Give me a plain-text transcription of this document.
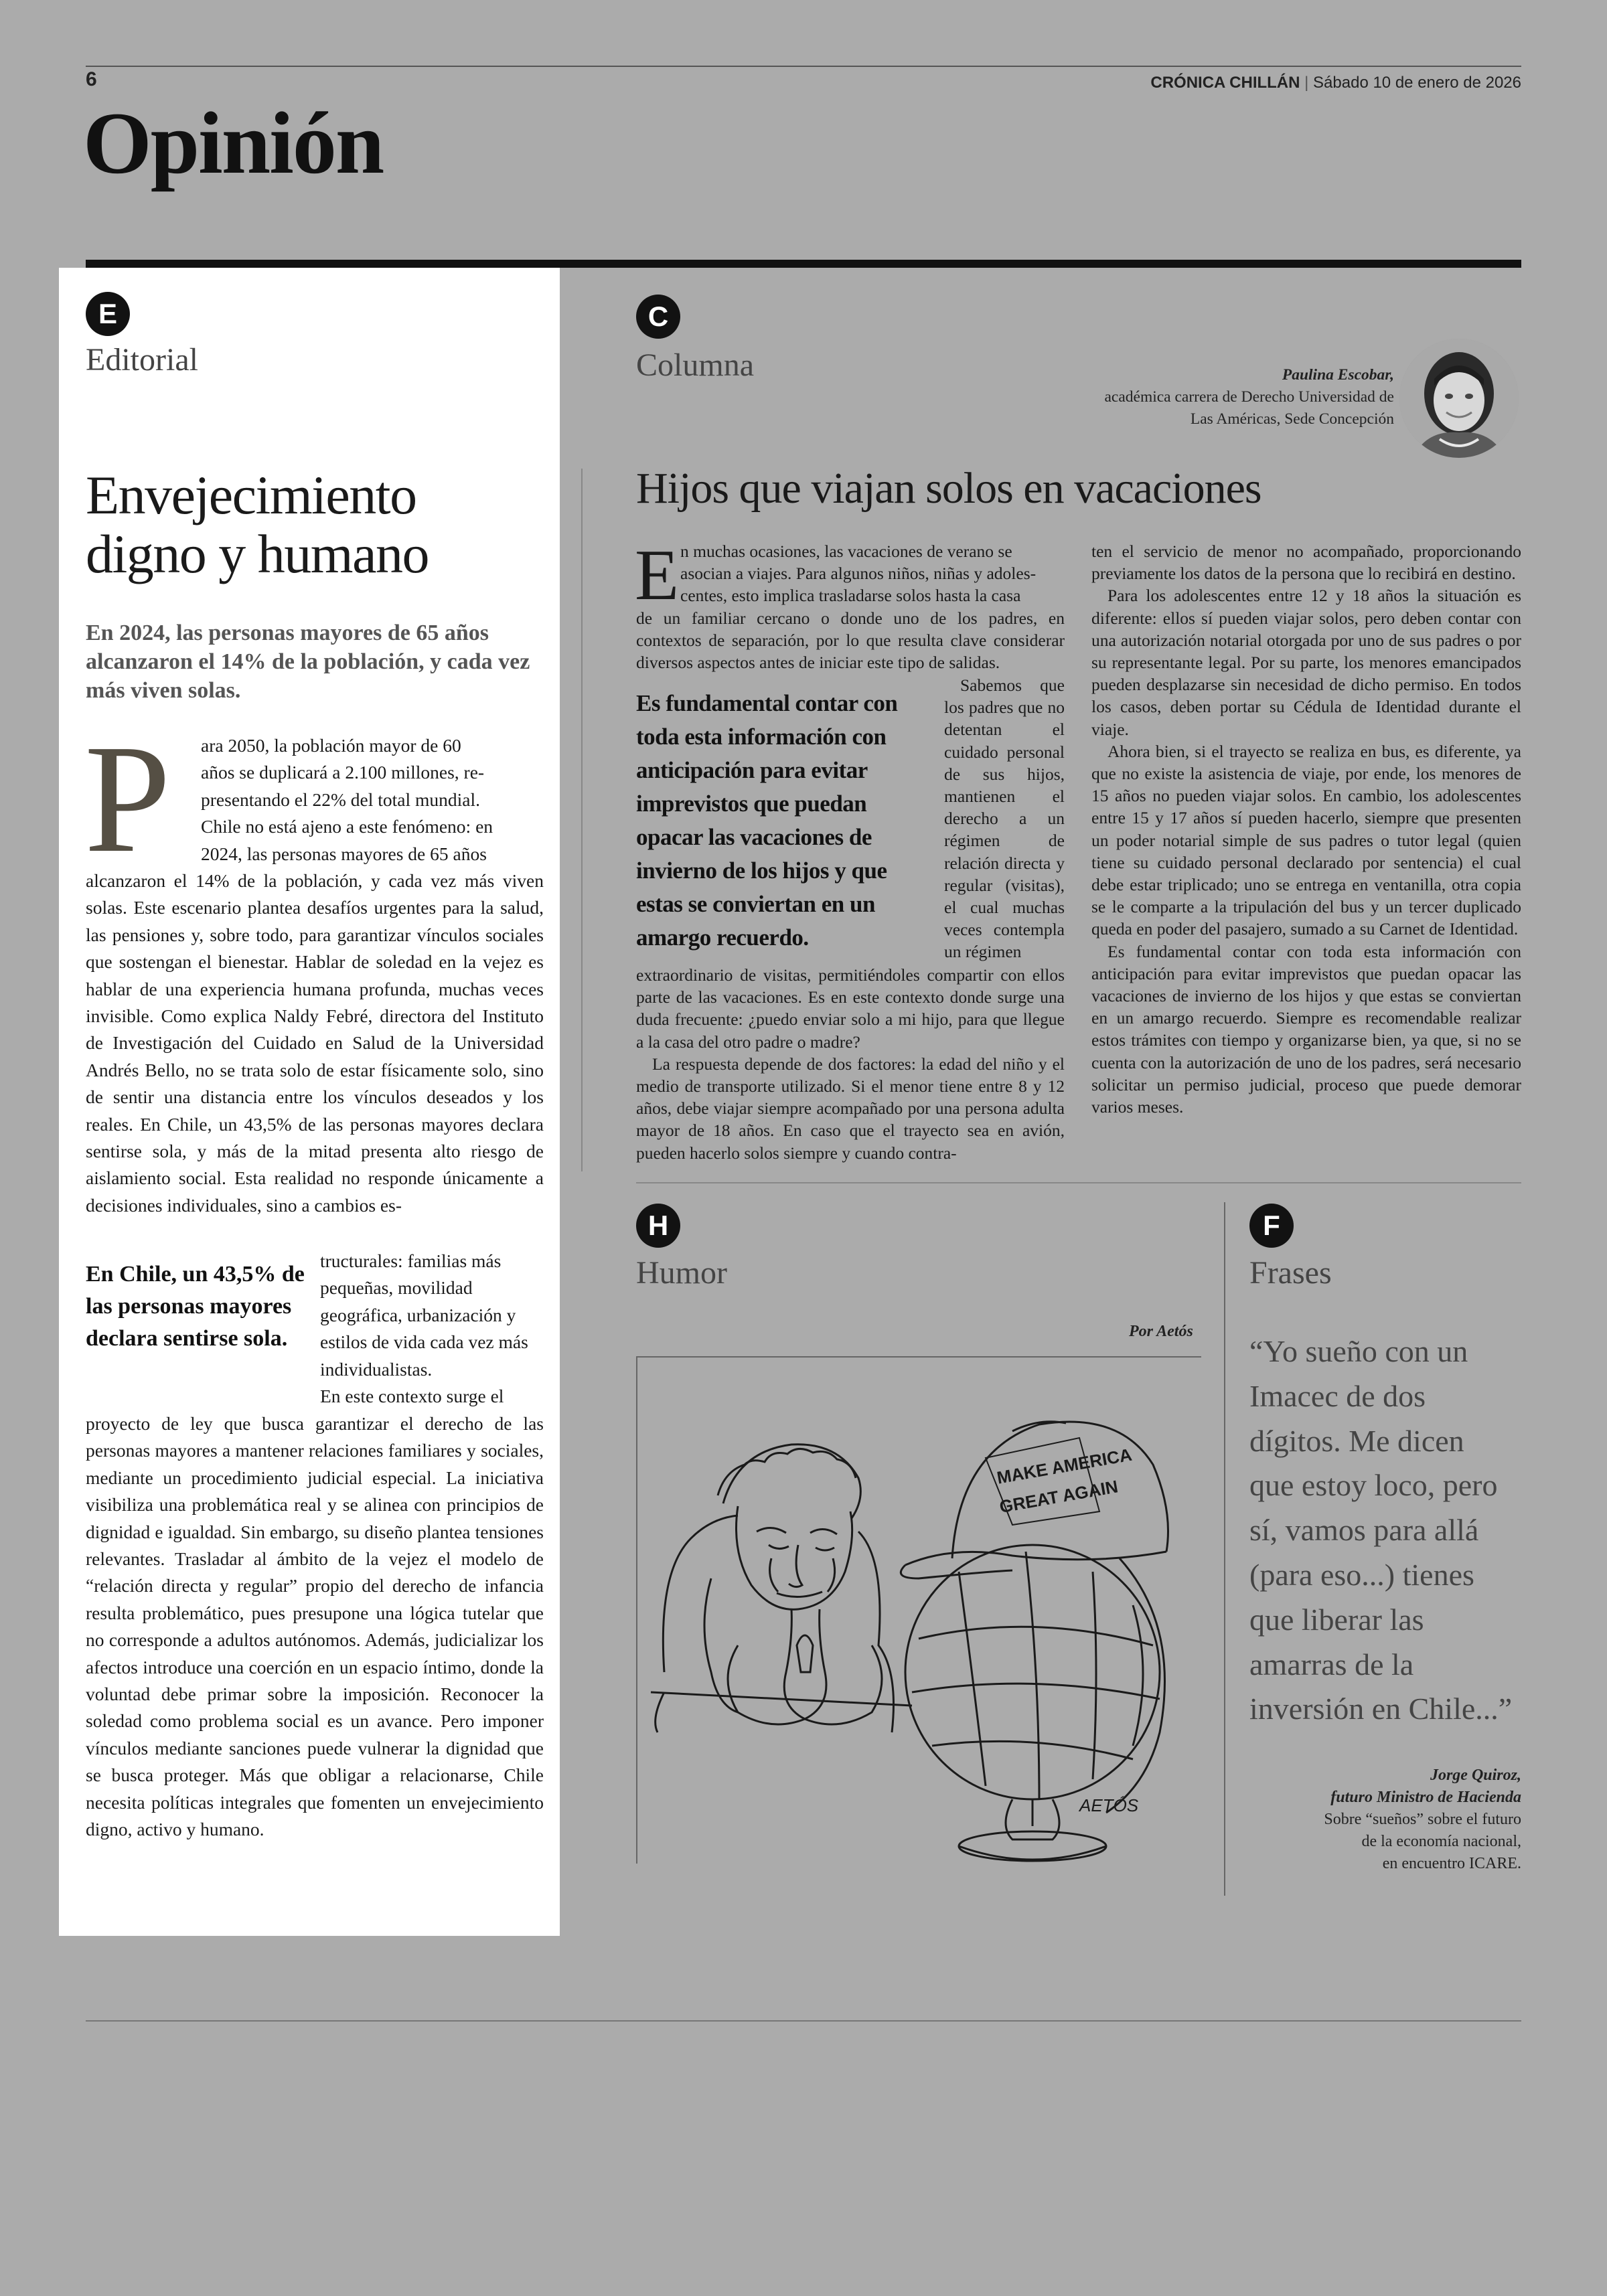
6	CRÓNICA CHILLÁN | Sábado 10 de enero de 2026
Opinión
E
Editorial
Envejecimiento
digno y humano
En 2024, las personas mayores de 65 años alcanzaron el 14% de la población, y cada vez más viven solas.
P ara 2050, la población mayor de 60
años se duplicará a 2.100 millones, re-
presentando el 22% del total mundial.
Chile no está ajeno a este fenómeno: en
2024, las personas mayores de 65 años
alcanzaron el 14% de la población, y cada vez más viven solas. Este escenario plantea desafíos urgentes para la salud, las pensiones y, sobre todo, para garantizar vínculos sociales que sostengan el bienestar. Hablar de soledad en la vejez es hablar de una experiencia humana profunda, muchas veces invisible. Como explica Naldy Febré, directora del Instituto de Investigación del Cuidado en Salud de la Universidad Andrés Bello, no se trata solo de estar físicamente solo, sino de sentir una distancia entre los vínculos deseados y los reales. En Chile, un 43,5% de las personas mayores declara sentirse sola, y más de la mitad presenta alto riesgo de aislamiento social. Esta realidad no responde únicamente a decisiones individuales, sino a cambios es-
En Chile, un 43,5% de las personas mayores declara sentirse sola.

tructurales: familias más pequeñas, movilidad geográfica, urbanización y estilos de vida cada vez más individualistas.

En este contexto surge el

proyecto de ley que busca garantizar el derecho de las personas mayores a mantener relaciones familiares y sociales, mediante un procedimiento judicial especial. La iniciativa visibiliza una problemática real y se alinea con principios de dignidad e igualdad. Sin embargo, su diseño plantea tensiones relevantes. Trasladar al ámbito de la vejez el modelo de “relación directa y regular” propio del derecho de infancia resulta problemático, pues presupone una lógica tutelar que no corresponde a adultos autónomos. Además, judicializar los afectos introduce una coerción en un espacio íntimo, donde la voluntad debe primar sobre la imposición. Reconocer la soledad como problema social es un avance. Pero imponer vínculos mediante sanciones puede vulnerar la dignidad que se busca proteger. Más que obligar a relacionarse, Chile necesita políticas integrales que fomenten un envejecimiento digno, activo y humano.
C
Columna	Paulina Escobar,
académica carrera de Derecho Universidad de
Las Américas, Sede Concepción
Hijos que viajan solos en vacaciones
E n muchas ocasiones, las vacaciones de verano se
asocian a viajes. Para algunos niños, niñas y adoles-
centes, esto implica trasladarse solos hasta la casa

de un familiar cercano o donde uno de los padres, en contextos de separación, por lo que resulta clave considerar diversos aspectos antes de iniciar este tipo de salidas.

Es fundamental contar con toda esta información con anticipación para evitar imprevistos que puedan opacar las vacaciones de invierno de los hijos y que estas se conviertan en un amargo recuerdo.

Sabemos que los padres que no detentan el cuidado personal de sus hijos, mantienen el derecho a un régimen de relación directa y regular (visitas), el cual muchas veces contempla un régimen

extraordinario de visitas, permitiéndoles compartir con ellos parte de las vacaciones. Es en este contexto donde surge una duda frecuente: ¿puedo enviar solo a mi hijo, para que llegue a la casa del otro padre o madre?

La respuesta depende de dos factores: la edad del niño y el medio de transporte utilizado. Si el menor tiene entre 8 y 12 años, debe viajar siempre acompañado por una persona adulta mayor de 18 años. En caso que el trayecto sea en avión, pueden hacerlo solos siempre y cuando contra-

ten el servicio de menor no acompañado, proporcionando previamente los datos de la persona que lo recibirá en destino.

Para los adolescentes entre 12 y 18 años la situación es diferente: ellos sí pueden viajar solos, pero deben contar con una autorización notarial otorgada por uno de sus padres o por su representante legal. Por su parte, los menores emancipados pueden desplazarse sin necesidad de dicho permiso. En todos los casos, deben portar su Cédula de Identidad durante el viaje.

Ahora bien, si el trayecto se realiza en bus, es diferente, ya que no existe la asistencia de viaje, por ende, los menores de 15 años no pueden viajar solos. En cambio, los adolescentes entre 15 y 17 años sí pueden hacerlo, siempre que presenten un poder notarial simple de sus padres o tutor legal (quien tiene su cuidado personal declarado por sentencia) el cual debe estar triplicado; uno se entrega en ventanilla, otra copia se le comparte a la tripulación del bus y un tercer duplicado queda en poder del pasajero, sumado a su Carnet de Identidad.

Es fundamental contar con toda esta información con anticipación para evitar imprevistos que puedan opacar las vacaciones de invierno de los hijos y que estas se conviertan en un amargo recuerdo. Siempre es recomendable realizar estos trámites con tiempo y organizarse bien, ya que, si no se cuenta con la autorización de uno de los padres, será necesario solicitar un permiso judicial, proceso que puede demorar varios meses.

H
Humor
Por Aetós
MAKE AMERICA
GREAT AGAIN
AETÓS
F
Frases
“Yo sueño con un
Imacec de dos
dígitos. Me dicen
que estoy loco, pero
sí, vamos para allá
(para eso...) tienes
que liberar las
amarras de la
inversión en Chile...”
Jorge Quiroz,
futuro Ministro de Hacienda
Sobre “sueños” sobre el futuro
de la economía nacional,
en encuentro ICARE.
